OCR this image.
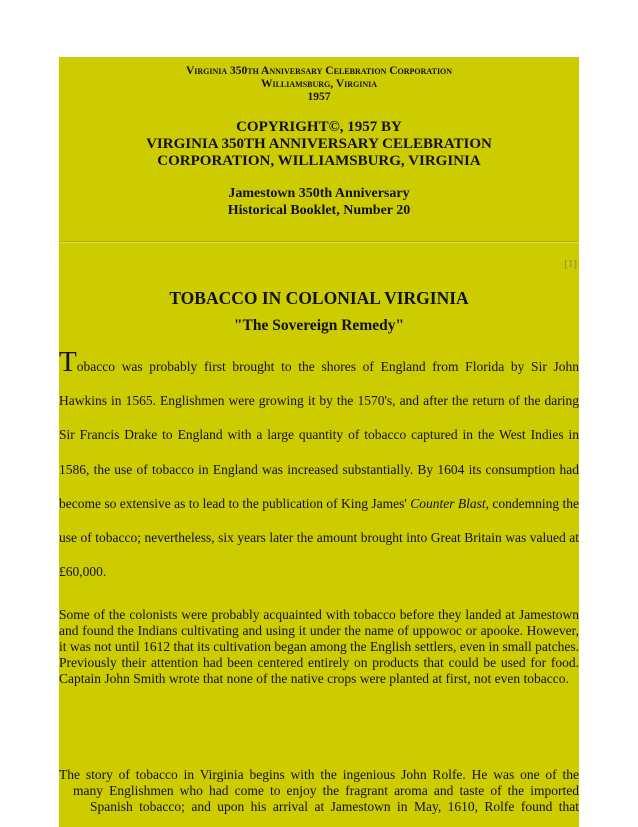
Virginia 350th Anniversary Celebration Corporation
Williamsburg, Virginia
1957
COPYRIGHT©, 1957 BY
VIRGINIA 350TH ANNIVERSARY CELEBRATION
CORPORATION, WILLIAMSBURG, VIRGINIA
Jamestown 350th Anniversary
Historical Booklet, Number 20
[1]
TOBACCO IN COLONIAL VIRGINIA
"The Sovereign Remedy"

Tobacco was probably first brought to the shores of England from Florida by Sir John Hawkins in 1565. Englishmen were growing it by the 1570's, and after the return of the daring Sir Francis Drake to England with a large quantity of tobacco captured in the West Indies in 1586, the use of tobacco in England was increased substantially. By 1604 its consumption had become so extensive as to lead to the publication of King James' Counter Blast, condemning the use of tobacco; nevertheless, six years later the amount brought into Great Britain was valued at £60,000.

Some of the colonists were probably acquainted with tobacco before they landed at Jamestown and found the Indians cultivating and using it under the name of uppowoc or apooke. However, it was not until 1612 that its cultivation began among the English settlers, even in small patches. Previously their attention had been centered entirely on products that could be used for food. Captain John Smith wrote that none of the native crops were planted at first, not even tobacco.

The story of tobacco in Virginia begins with the ingenious John Rolfe. He was one of the
many Englishmen who had come to enjoy the fragrant aroma and taste of the imported
Spanish tobacco; and upon his arrival at Jamestown in May, 1610, Rolfe found that
